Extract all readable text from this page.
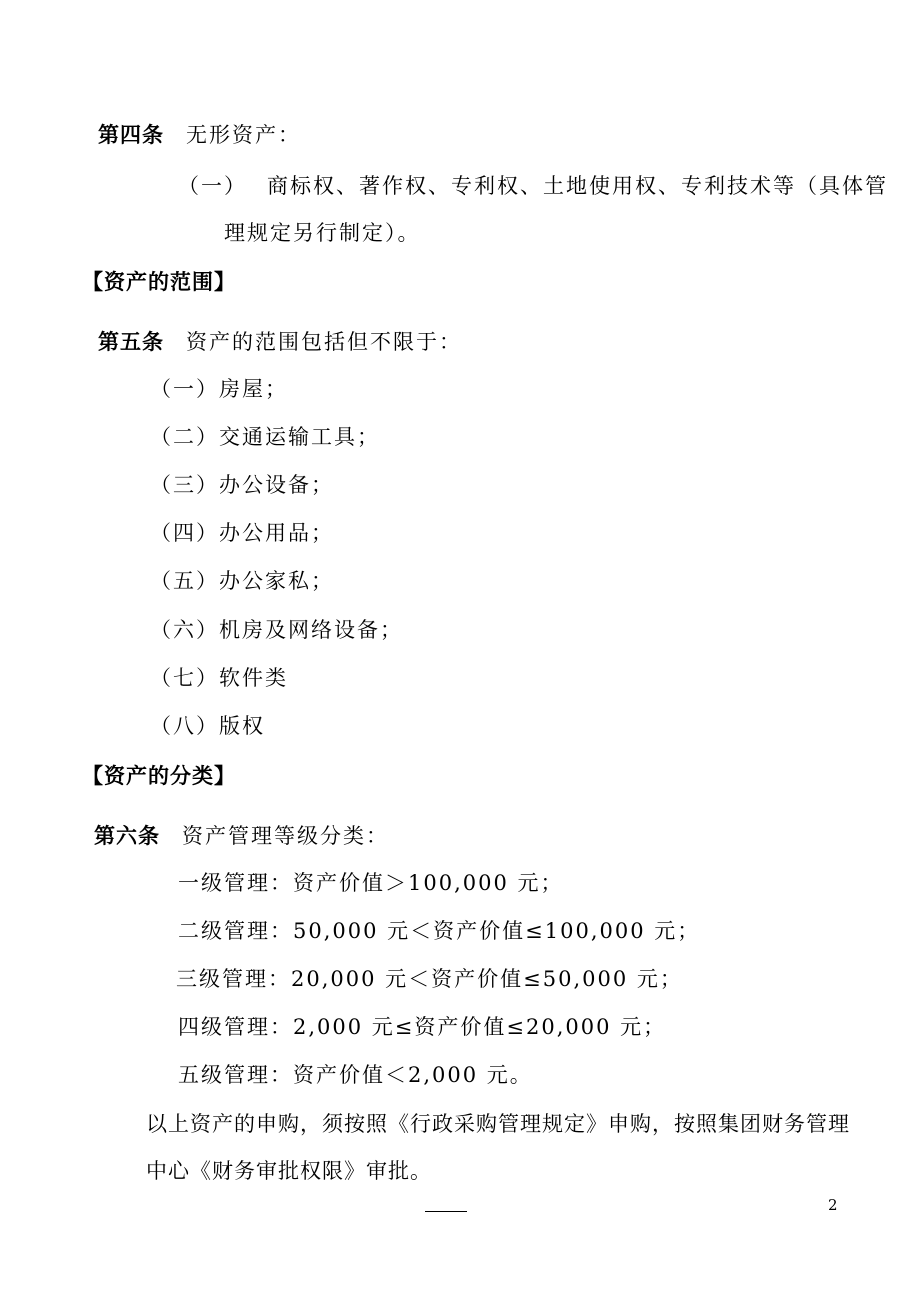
第四条 无形资产：
（一） 商标权、著作权、专利权、土地使用权、专利技术等（具体管
理规定另行制定）。
【资产的范围】
第五条 资产的范围包括但不限于：
（一）房屋；
（二）交通运输工具；
（三）办公设备；
（四）办公用品；
（五）办公家私；
（六）机房及网络设备；
（七）软件类
（八）版权
【资产的分类】
第六条 资产管理等级分类：
一级管理：资产价值＞100,000 元；
二级管理：50,000 元＜资产价值≤100,000 元；
三级管理：20,000 元＜资产价值≤50,000 元；
四级管理：2,000 元≤资产价值≤20,000 元；
五级管理：资产价值＜2,000 元。
以上资产的申购，须按照《行政采购管理规定》申购，按照集团财务管理
中心《财务审批权限》审批。
2
